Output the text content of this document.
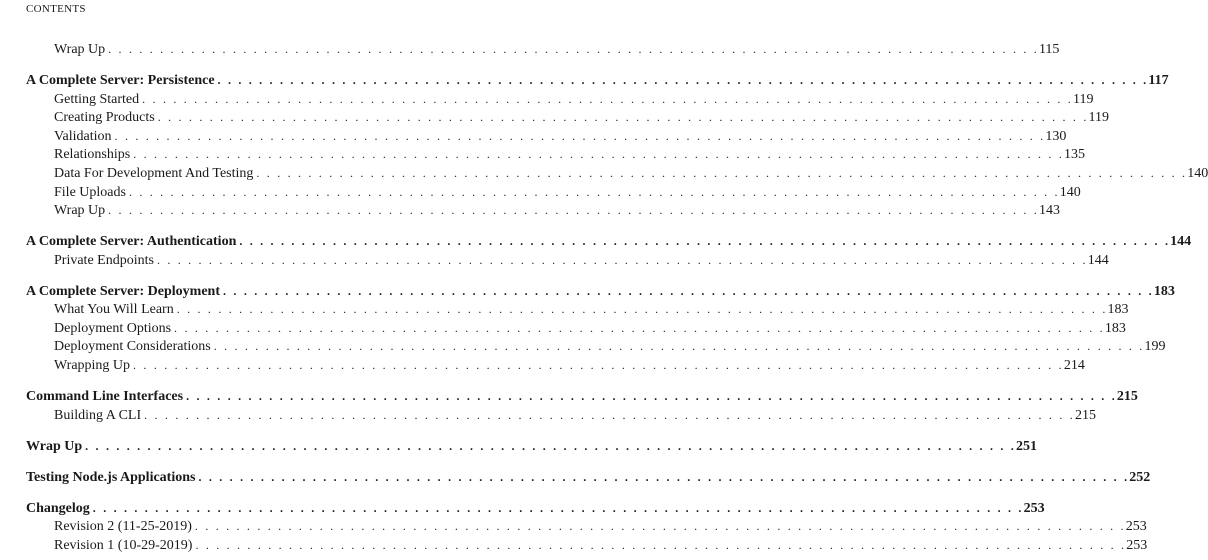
CONTENTS
Wrap Up . . . . . . . . . . . . . . . . . . . . . . . . . . . . . . . . . . . . . . . . . . . . . . . . . . . . . . . . . . . . . . . . . . . . . . . . . . . . . . . . . . . . . . . . . . 115
A Complete Server: Persistence . . . . . . . . . . . . . . . . . . . . . . . . . . . . . . . . . . . . . . . . . . . . . . . . . . . . . . . . . . . . . . . . . . . . . . . . . . . . . . . . . . . . . . . . . . 117
Getting Started . . . . . . . . . . . . . . . . . . . . . . . . . . . . . . . . . . . . . . . . . . . . . . . . . . . . . . . . . . . . . . . . . . . . . . . . . . . . . . . . . . . . . . . . . . 119
Creating Products . . . . . . . . . . . . . . . . . . . . . . . . . . . . . . . . . . . . . . . . . . . . . . . . . . . . . . . . . . . . . . . . . . . . . . . . . . . . . . . . . . . . . . . . . . 119
Validation . . . . . . . . . . . . . . . . . . . . . . . . . . . . . . . . . . . . . . . . . . . . . . . . . . . . . . . . . . . . . . . . . . . . . . . . . . . . . . . . . . . . . . . . . . 130
Relationships . . . . . . . . . . . . . . . . . . . . . . . . . . . . . . . . . . . . . . . . . . . . . . . . . . . . . . . . . . . . . . . . . . . . . . . . . . . . . . . . . . . . . . . . . . 135
Data For Development And Testing . . . . . . . . . . . . . . . . . . . . . . . . . . . . . . . . . . . . . . . . . . . . . . . . . . . . . . . . . . . . . . . . . . . . . . . . . . . . . . . . . . . . . . . . . . 140
File Uploads . . . . . . . . . . . . . . . . . . . . . . . . . . . . . . . . . . . . . . . . . . . . . . . . . . . . . . . . . . . . . . . . . . . . . . . . . . . . . . . . . . . . . . . . . . 140
Wrap Up . . . . . . . . . . . . . . . . . . . . . . . . . . . . . . . . . . . . . . . . . . . . . . . . . . . . . . . . . . . . . . . . . . . . . . . . . . . . . . . . . . . . . . . . . . 143
A Complete Server: Authentication . . . . . . . . . . . . . . . . . . . . . . . . . . . . . . . . . . . . . . . . . . . . . . . . . . . . . . . . . . . . . . . . . . . . . . . . . . . . . . . . . . . . . . . . . . 144
Private Endpoints . . . . . . . . . . . . . . . . . . . . . . . . . . . . . . . . . . . . . . . . . . . . . . . . . . . . . . . . . . . . . . . . . . . . . . . . . . . . . . . . . . . . . . . . . . 144
A Complete Server: Deployment . . . . . . . . . . . . . . . . . . . . . . . . . . . . . . . . . . . . . . . . . . . . . . . . . . . . . . . . . . . . . . . . . . . . . . . . . . . . . . . . . . . . . . . . . . 183
What You Will Learn . . . . . . . . . . . . . . . . . . . . . . . . . . . . . . . . . . . . . . . . . . . . . . . . . . . . . . . . . . . . . . . . . . . . . . . . . . . . . . . . . . . . . . . . . . 183
Deployment Options . . . . . . . . . . . . . . . . . . . . . . . . . . . . . . . . . . . . . . . . . . . . . . . . . . . . . . . . . . . . . . . . . . . . . . . . . . . . . . . . . . . . . . . . . . 183
Deployment Considerations . . . . . . . . . . . . . . . . . . . . . . . . . . . . . . . . . . . . . . . . . . . . . . . . . . . . . . . . . . . . . . . . . . . . . . . . . . . . . . . . . . . . . . . . . . 199
Wrapping Up . . . . . . . . . . . . . . . . . . . . . . . . . . . . . . . . . . . . . . . . . . . . . . . . . . . . . . . . . . . . . . . . . . . . . . . . . . . . . . . . . . . . . . . . . . 214
Command Line Interfaces . . . . . . . . . . . . . . . . . . . . . . . . . . . . . . . . . . . . . . . . . . . . . . . . . . . . . . . . . . . . . . . . . . . . . . . . . . . . . . . . . . . . . . . . . . 215
Building A CLI . . . . . . . . . . . . . . . . . . . . . . . . . . . . . . . . . . . . . . . . . . . . . . . . . . . . . . . . . . . . . . . . . . . . . . . . . . . . . . . . . . . . . . . . . . 215
Wrap Up . . . . . . . . . . . . . . . . . . . . . . . . . . . . . . . . . . . . . . . . . . . . . . . . . . . . . . . . . . . . . . . . . . . . . . . . . . . . . . . . . . . . . . . . . . 251
Testing Node.js Applications . . . . . . . . . . . . . . . . . . . . . . . . . . . . . . . . . . . . . . . . . . . . . . . . . . . . . . . . . . . . . . . . . . . . . . . . . . . . . . . . . . . . . . . . . . 252
Changelog . . . . . . . . . . . . . . . . . . . . . . . . . . . . . . . . . . . . . . . . . . . . . . . . . . . . . . . . . . . . . . . . . . . . . . . . . . . . . . . . . . . . . . . . . . 253
Revision 2 (11-25-2019) . . . . . . . . . . . . . . . . . . . . . . . . . . . . . . . . . . . . . . . . . . . . . . . . . . . . . . . . . . . . . . . . . . . . . . . . . . . . . . . . . . . . . . . . . . 253
Revision 1 (10-29-2019) . . . . . . . . . . . . . . . . . . . . . . . . . . . . . . . . . . . . . . . . . . . . . . . . . . . . . . . . . . . . . . . . . . . . . . . . . . . . . . . . . . . . . . . . . . 253
